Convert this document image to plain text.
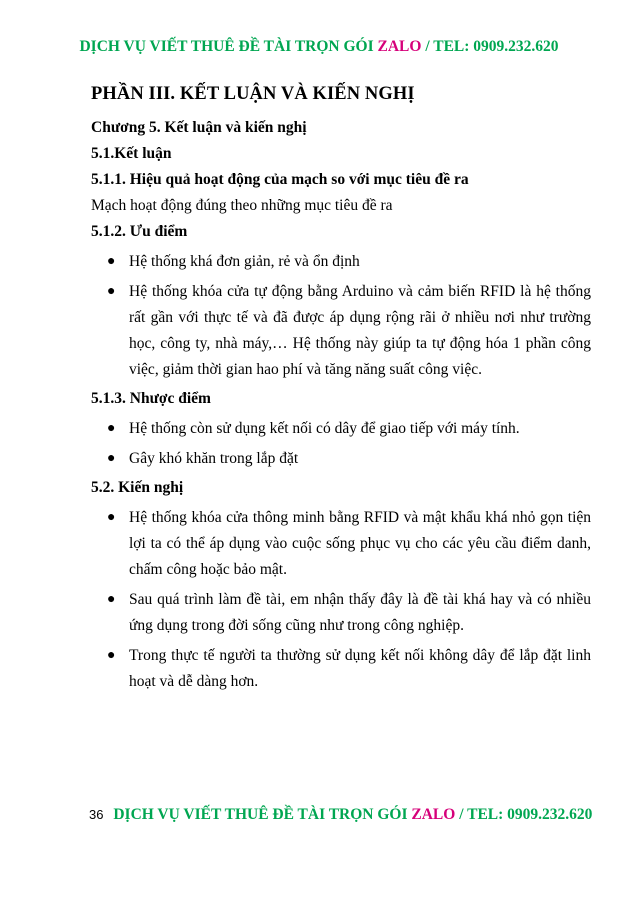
DỊCH VỤ VIẾT THUÊ ĐỀ TÀI TRỌN GÓI ZALO / TEL: 0909.232.620
PHẦN III. KẾT LUẬN VÀ KIẾN NGHỊ
Chương 5. Kết luận và kiến nghị
5.1.Kết luận
5.1.1. Hiệu quả hoạt động của mạch so với mục tiêu đề ra
Mạch hoạt động đúng theo những mục tiêu đề ra
5.1.2. Ưu điểm
● Hệ thống khá đơn giản, rẻ và ổn định
● Hệ thống khóa cửa tự động bằng Arduino và cảm biến RFID là hệ thống rất gần với thực tế và đã được áp dụng rộng rãi ở nhiều nơi như trường học, công ty, nhà máy,… Hệ thống này giúp ta tự động hóa 1 phần công việc, giảm thời gian hao phí và tăng năng suất công việc.
5.1.3. Nhược điểm
● Hệ thống còn sử dụng kết nối có dây để giao tiếp với máy tính.
● Gây khó khăn trong lắp đặt
5.2. Kiến nghị
● Hệ thống khóa cửa thông minh bằng RFID và mật khẩu khá nhỏ gọn tiện lợi ta có thể áp dụng vào cuộc sống phục vụ cho các yêu cầu điểm danh, chấm công hoặc bảo mật.
● Sau quá trình làm đề tài, em nhận thấy đây là đề tài khá hay và có nhiều ứng dụng trong đời sống cũng như trong công nghiệp.
● Trong thực tế người ta thường sử dụng kết nối không dây để lắp đặt linh hoạt và dễ dàng hơn.
36 DỊCH VỤ VIẾT THUÊ ĐỀ TÀI TRỌN GÓI ZALO / TEL: 0909.232.620
